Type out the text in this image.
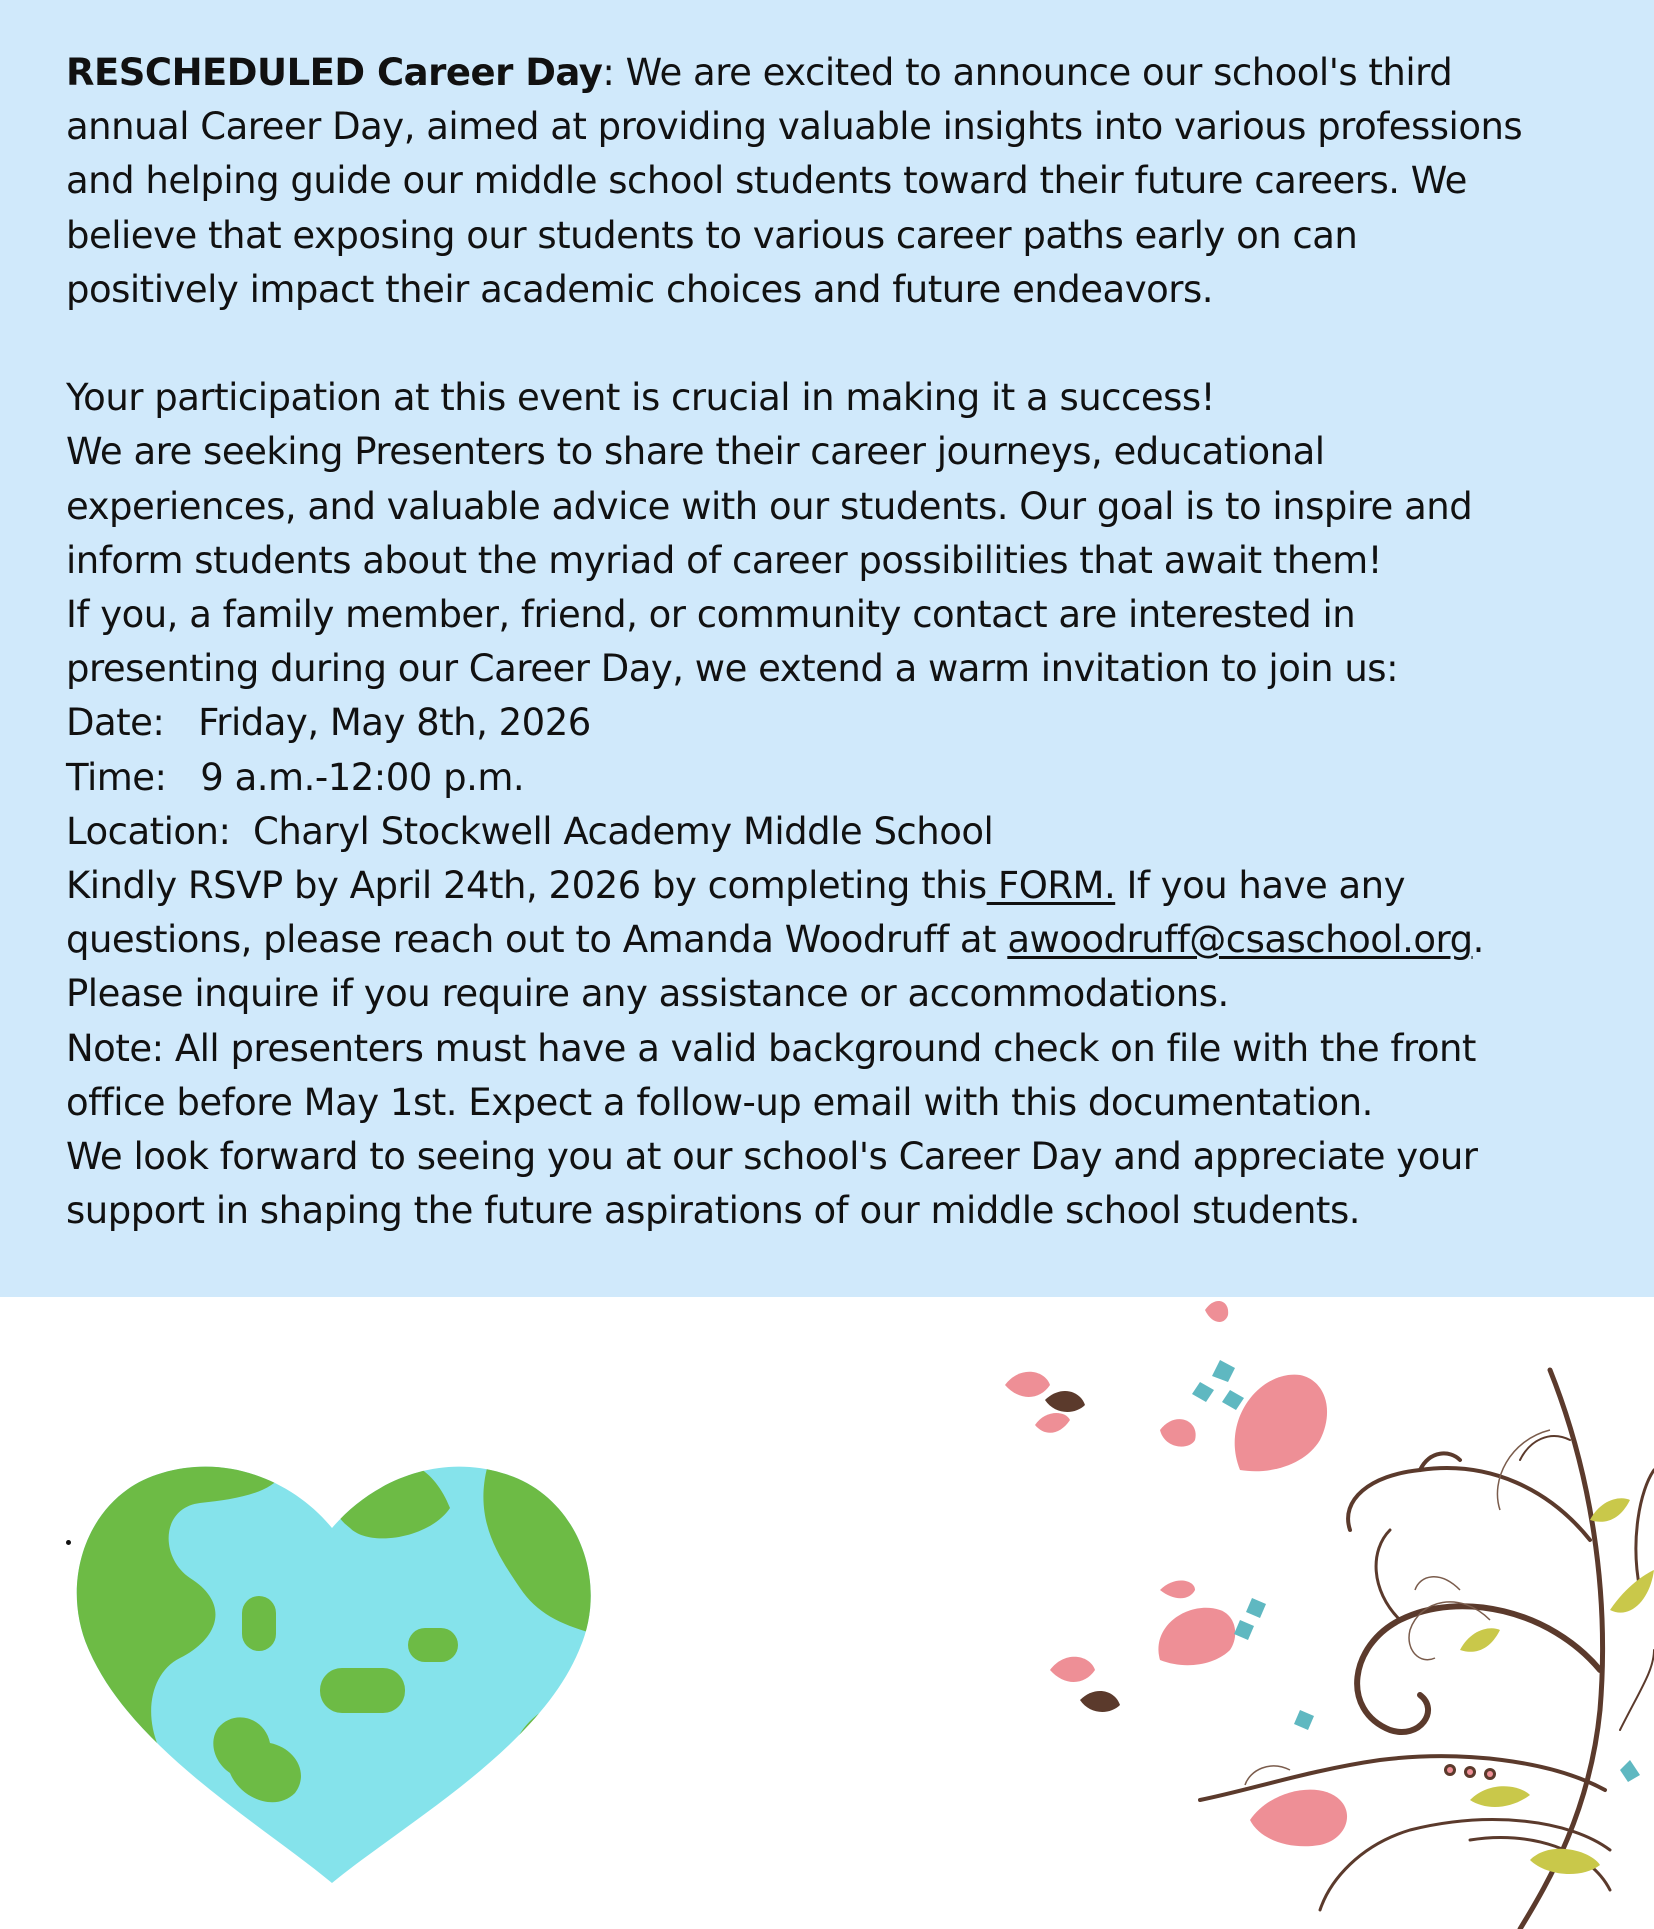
RESCHEDULED Career Day: We are excited to announce our school's third
annual Career Day, aimed at providing valuable insights into various professions
and helping guide our middle school students toward their future careers. We
believe that exposing our students to various career paths early on can
positively impact their academic choices and future endeavors.
Your participation at this event is crucial in making it a success!
We are seeking Presenters to share their career journeys, educational
experiences, and valuable advice with our students. Our goal is to inspire and
inform students about the myriad of career possibilities that await them!
If you, a family member, friend, or community contact are interested in
presenting during our Career Day, we extend a warm invitation to join us:
Date:   Friday, May 8th, 2026
Time:   9 a.m.-12:00 p.m.
Location:  Charyl Stockwell Academy Middle School
Kindly RSVP by April 24th, 2026 by completing this FORM. If you have any
questions, please reach out to Amanda Woodruff at awoodruff@csaschool.org.
Please inquire if you require any assistance or accommodations.
Note: All presenters must have a valid background check on file with the front
office before May 1st. Expect a follow-up email with this documentation.
We look forward to seeing you at our school's Career Day and appreciate your
support in shaping the future aspirations of our middle school students.
